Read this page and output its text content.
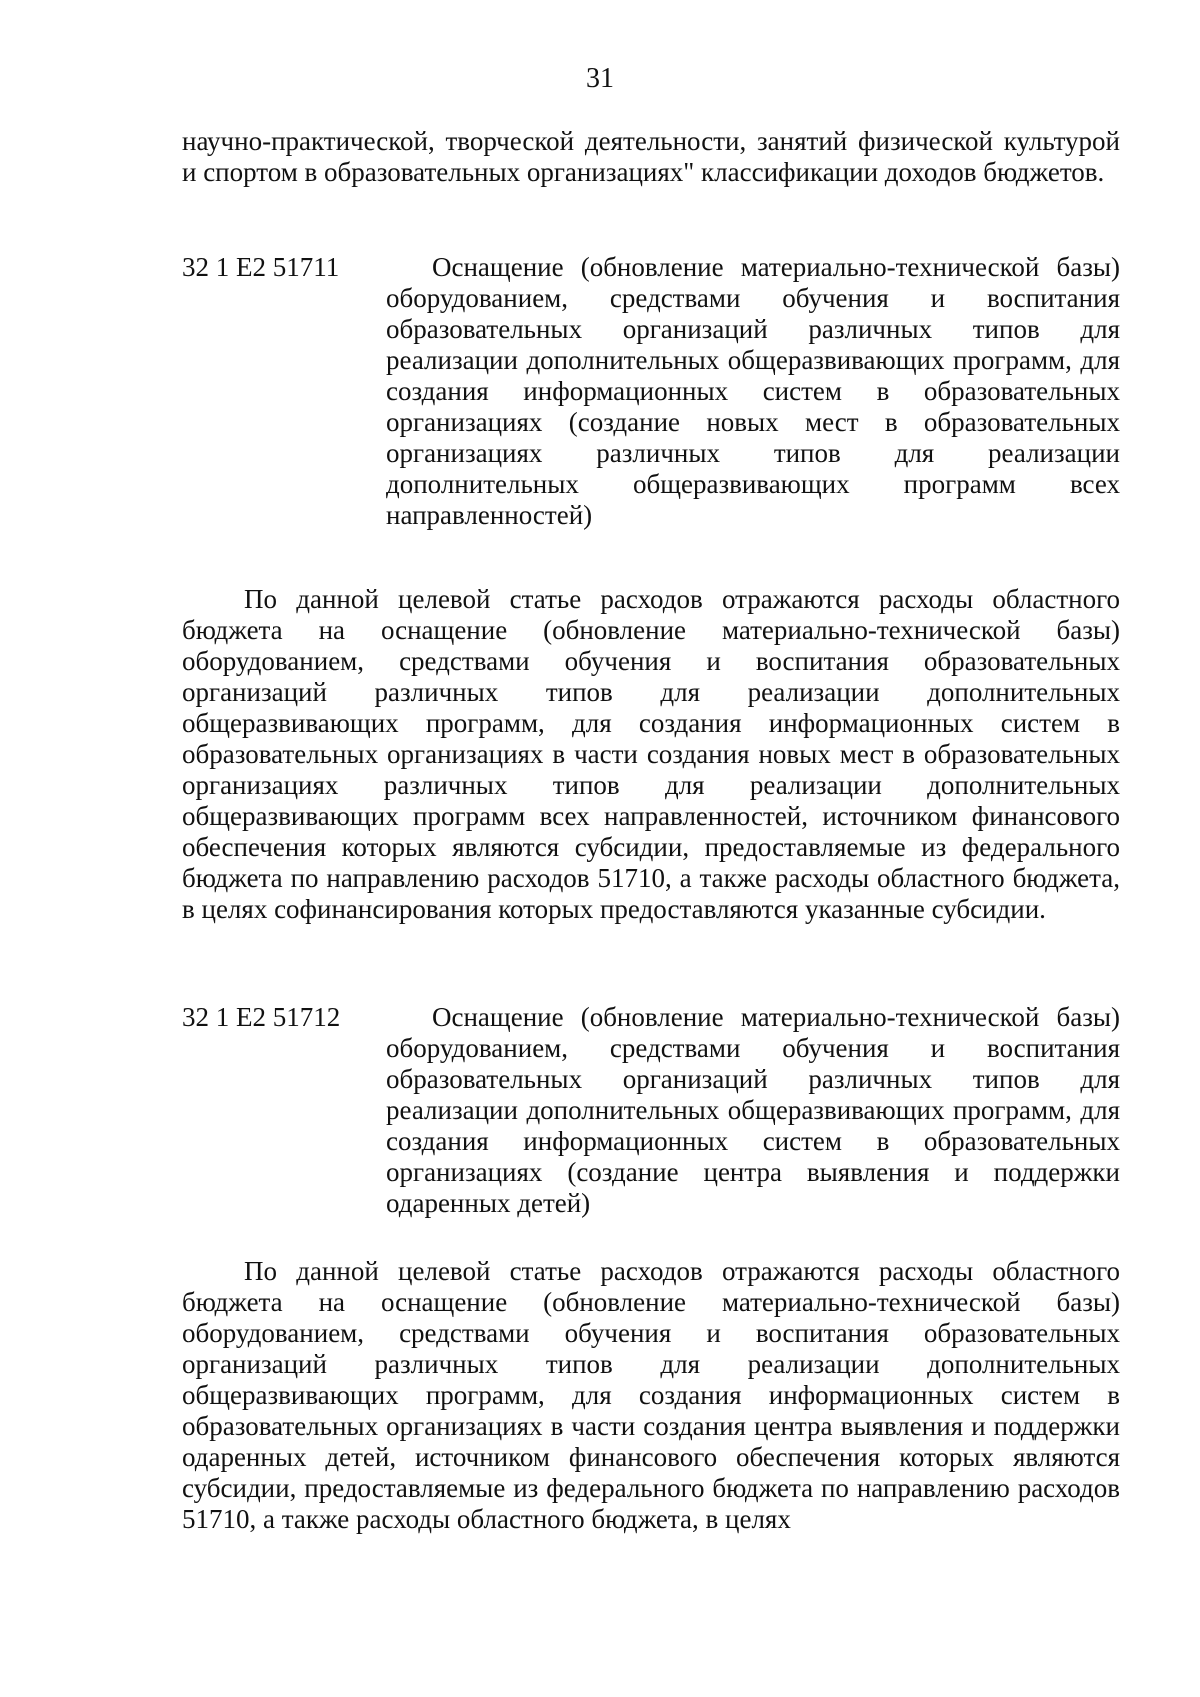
31

научно-практической, творческой деятельности, занятий физической культурой и спортом в образовательных организациях" классификации доходов бюджетов.

32 1 E2 51711	Оснащение (обновление материально-технической базы) оборудованием, средствами обучения и воспитания образовательных организаций различных типов для реализации дополнительных общеразвивающих программ, для создания информационных систем в образовательных организациях (создание новых мест в образовательных организациях различных типов для реализации дополнительных общеразвивающих программ всех направленностей)

По данной целевой статье расходов отражаются расходы областного бюджета на оснащение (обновление материально-технической базы) оборудованием, средствами обучения и воспитания образовательных организаций различных типов для реализации дополнительных общеразвивающих программ, для создания информационных систем в образовательных организациях в части создания новых мест в образовательных организациях различных типов для реализации дополнительных общеразвивающих программ всех направленностей, источником финансового обеспечения которых являются субсидии, предоставляемые из федерального бюджета по направлению расходов 51710, а также расходы областного бюджета, в целях софинансирования которых предоставляются указанные субсидии.

32 1 E2 51712	Оснащение (обновление материально-технической базы) оборудованием, средствами обучения и воспитания образовательных организаций различных типов для реализации дополнительных общеразвивающих программ, для создания информационных систем в образовательных организациях (создание центра выявления и поддержки одаренных детей)

По данной целевой статье расходов отражаются расходы областного бюджета на оснащение (обновление материально-технической базы) оборудованием, средствами обучения и воспитания образовательных организаций различных типов для реализации дополнительных общеразвивающих программ, для создания информационных систем в образовательных организациях в части создания центра выявления и поддержки одаренных детей, источником финансового обеспечения которых являются субсидии, предоставляемые из федерального бюджета по направлению расходов 51710, а также расходы областного бюджета, в целях
